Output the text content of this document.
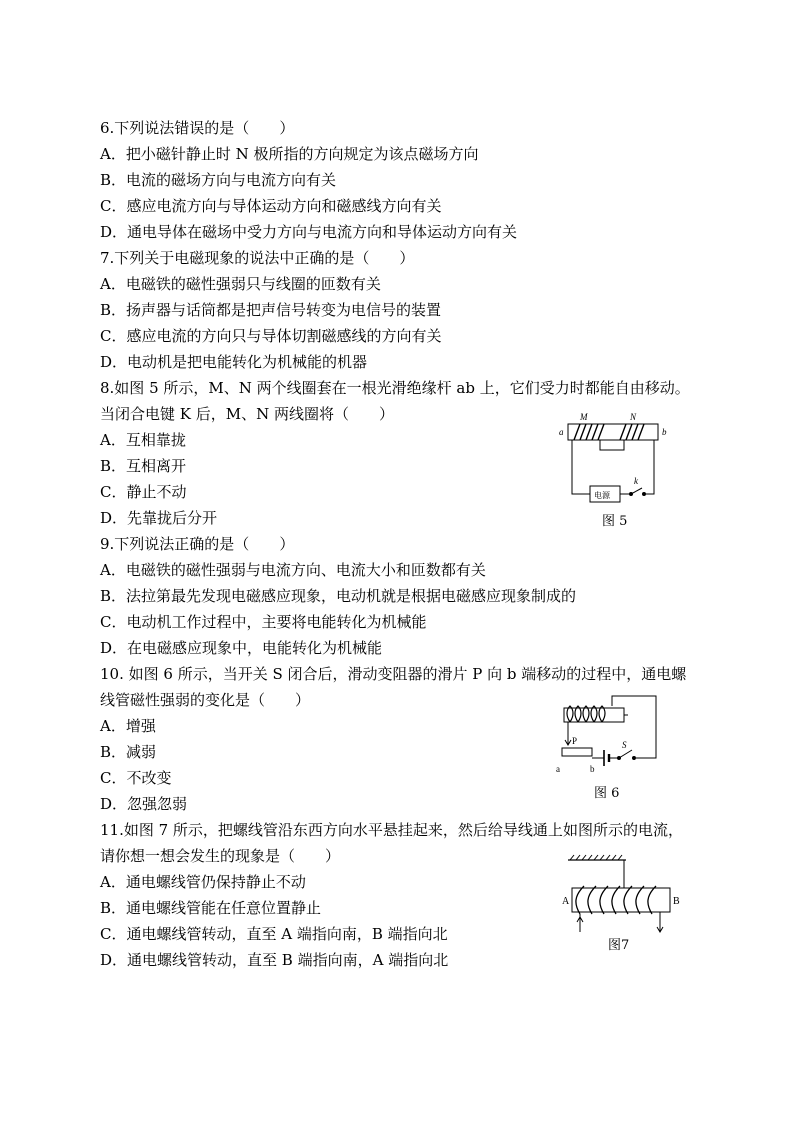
6.下列说法错误的是（　　）
A．把小磁针静止时 N 极所指的方向规定为该点磁场方向
B．电流的磁场方向与电流方向有关
C．感应电流方向与导体运动方向和磁感线方向有关
D．通电导体在磁场中受力方向与电流方向和导体运动方向有关
7.下列关于电磁现象的说法中正确的是（　　）
A．电磁铁的磁性强弱只与线圈的匝数有关
B．扬声器与话筒都是把声信号转变为电信号的装置
C．感应电流的方向只与导体切割磁感线的方向有关
D．电动机是把电能转化为机械能的机器
8.如图 5 所示，M、N 两个线圈套在一根光滑绝缘杆 ab 上，它们受力时都能自由移动。
当闭合电键 K 后，M、N 两线圈将（　　）
A．互相靠拢
B．互相离开
C．静止不动
D．先靠拢后分开
M	N
a	b
k
电源
图 5
9.下列说法正确的是（　　）
A．电磁铁的磁性强弱与电流方向、电流大小和匝数都有关
B．法拉第最先发现电磁感应现象，电动机就是根据电磁感应现象制成的
C．电动机工作过程中，主要将电能转化为机械能
D．在电磁感应现象中，电能转化为机械能
10. 如图 6 所示，当开关 S 闭合后，滑动变阻器的滑片 P 向 b 端移动的过程中，通电螺
线管磁性强弱的变化是（　　）
A．增强
B．减弱
C．不改变
D．忽强忽弱
P	S
a	b
图 6
11.如图 7 所示，把螺线管沿东西方向水平悬挂起来，然后给导线通上如图所示的电流，
请你想一想会发生的现象是（　　）
A．通电螺线管仍保持静止不动
B．通电螺线管能在任意位置静止
C．通电螺线管转动，直至 A 端指向南，B 端指向北
D．通电螺线管转动，直至 B 端指向南，A 端指向北
A	B
图7
